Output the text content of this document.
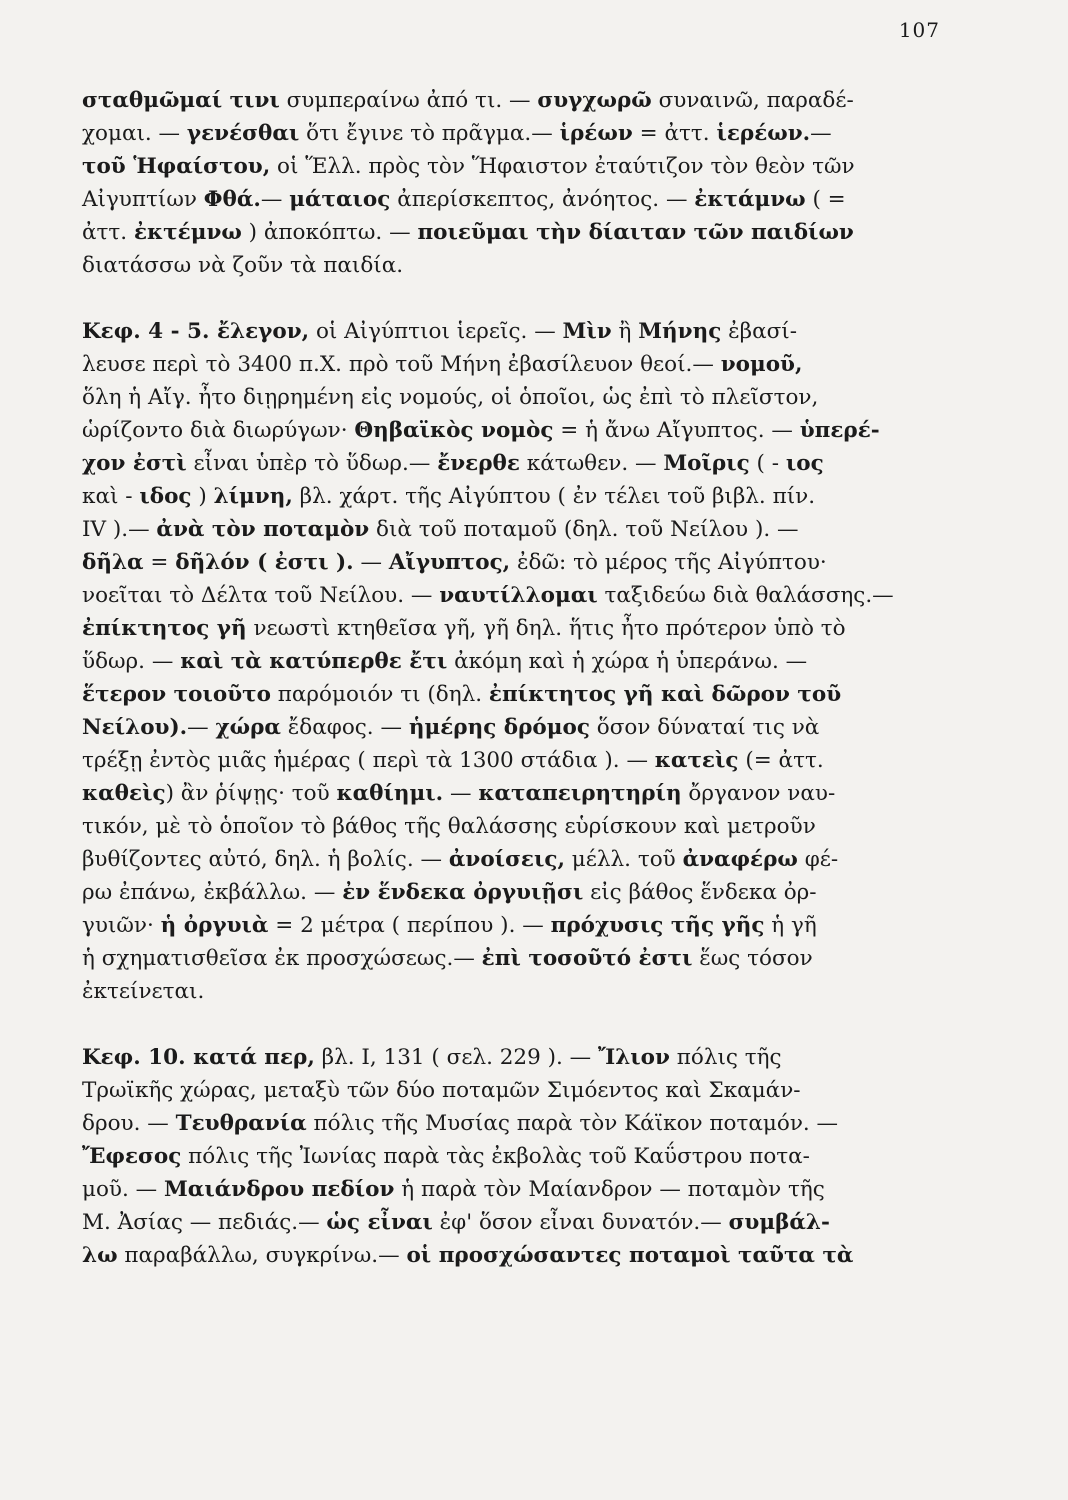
107
σταθμῶμαί τινι συμπεραίνω ἀπό τι. — συγχωρῶ συναινῶ, παραδέ-
χομαι. — γενέσθαι ὅτι ἔγινε τὸ πρᾶγμα.— ἱρέων = ἀττ. ἱερέων.—
τοῦ Ἡφαίστου, οἱ Ἕλλ. πρὸς τὸν Ἥφαιστον ἐταύτιζον τὸν θεὸν τῶν
Αἰγυπτίων Φθά.— μάταιος ἀπερίσκεπτος, ἀνόητος. — ἐκτάμνω ( =
ἀττ. ἐκτέμνω ) ἀποκόπτω. — ποιεῦμαι τὴν δίαιταν τῶν παιδίων
διατάσσω νὰ ζοῦν τὰ παιδία.
Κεφ. 4 - 5. ἔλεγον, οἱ Αἰγύπτιοι ἱερεῖς. — Μὶν ἢ Μήνης ἐβασί-
λευσε περὶ τὸ 3400 π.Χ. πρὸ τοῦ Μήνη ἐβασίλευον θεοί.— νομοῦ,
ὅλη ἡ Αἴγ. ἦτο διῃρημένη εἰς νομούς, οἱ ὁποῖοι, ὡς ἐπὶ τὸ πλεῖστον,
ὡρίζοντο διὰ διωρύγων· Θηβαϊκὸς νομὸς = ἡ ἄνω Αἴγυπτος. — ὑπερέ-
χον ἐστὶ εἶναι ὑπὲρ τὸ ὕδωρ.— ἔνερθε κάτωθεν. — Μοῖρις ( - ιος
καὶ - ιδος ) λίμνη, βλ. χάρτ. τῆς Αἰγύπτου ( ἐν τέλει τοῦ βιβλ. πίν.
IV ).— ἀνὰ τὸν ποταμὸν διὰ τοῦ ποταμοῦ (δηλ. τοῦ Νείλου ). —
δῆλα = δῆλόν ( ἐστι ). — Αἴγυπτος, ἐδῶ: τὸ μέρος τῆς Αἰγύπτου·
νοεῖται τὸ Δέλτα τοῦ Νείλου. — ναυτίλλομαι ταξιδεύω διὰ θαλάσσης.—
ἐπίκτητος γῆ νεωστὶ κτηθεῖσα γῆ, γῆ δηλ. ἥτις ἦτο πρότερον ὑπὸ τὸ
ὕδωρ. — καὶ τὰ κατύπερθε ἔτι ἀκόμη καὶ ἡ χώρα ἡ ὑπεράνω. —
ἕτερον τοιοῦτο παρόμοιόν τι (δηλ. ἐπίκτητος γῆ καὶ δῶρον τοῦ
Νείλου).— χώρα ἔδαφος. — ἡμέρης δρόμος ὅσον δύναταί τις νὰ
τρέξῃ ἐντὸς μιᾶς ἡμέρας ( περὶ τὰ 1300 στάδια ). — κατεὶς (= ἀττ.
καθεὶς) ἂν ῥίψῃς· τοῦ καθίημι. — καταπειρητηρίη ὄργανον ναυ-
τικόν, μὲ τὸ ὁποῖον τὸ βάθος τῆς θαλάσσης εὑρίσκουν καὶ μετροῦν
βυθίζοντες αὐτό, δηλ. ἡ βολίς. — ἀνοίσεις, μέλλ. τοῦ ἀναφέρω φέ-
ρω ἐπάνω, ἐκβάλλω. — ἐν ἕνδεκα ὀργυιῇσι εἰς βάθος ἕνδεκα ὀρ-
γυιῶν· ἡ ὀργυιὰ = 2 μέτρα ( περίπου ). — πρόχυσις τῆς γῆς ἡ γῆ
ἡ σχηματισθεῖσα ἐκ προσχώσεως.— ἐπὶ τοσοῦτό ἐστι ἕως τόσον
ἐκτείνεται.
Κεφ. 10. κατά περ, βλ. I, 131 ( σελ. 229 ). — Ἴλιον πόλις τῆς
Τρωϊκῆς χώρας, μεταξὺ τῶν δύο ποταμῶν Σιμόεντος καὶ Σκαμάν-
δρου. — Τευθρανία πόλις τῆς Μυσίας παρὰ τὸν Κάϊκον ποταμόν. —
Ἔφεσος πόλις τῆς Ἰωνίας παρὰ τὰς ἐκβολὰς τοῦ Καΰστρου ποτα-
μοῦ. — Μαιάνδρου πεδίον ἡ παρὰ τὸν Μαίανδρον — ποταμὸν τῆς
Μ. Ἀσίας — πεδιάς.— ὡς εἶναι ἐφ' ὅσον εἶναι δυνατόν.— συμβάλ-
λω παραβάλλω, συγκρίνω.— οἱ προσχώσαντες ποταμοὶ ταῦτα τὰ
